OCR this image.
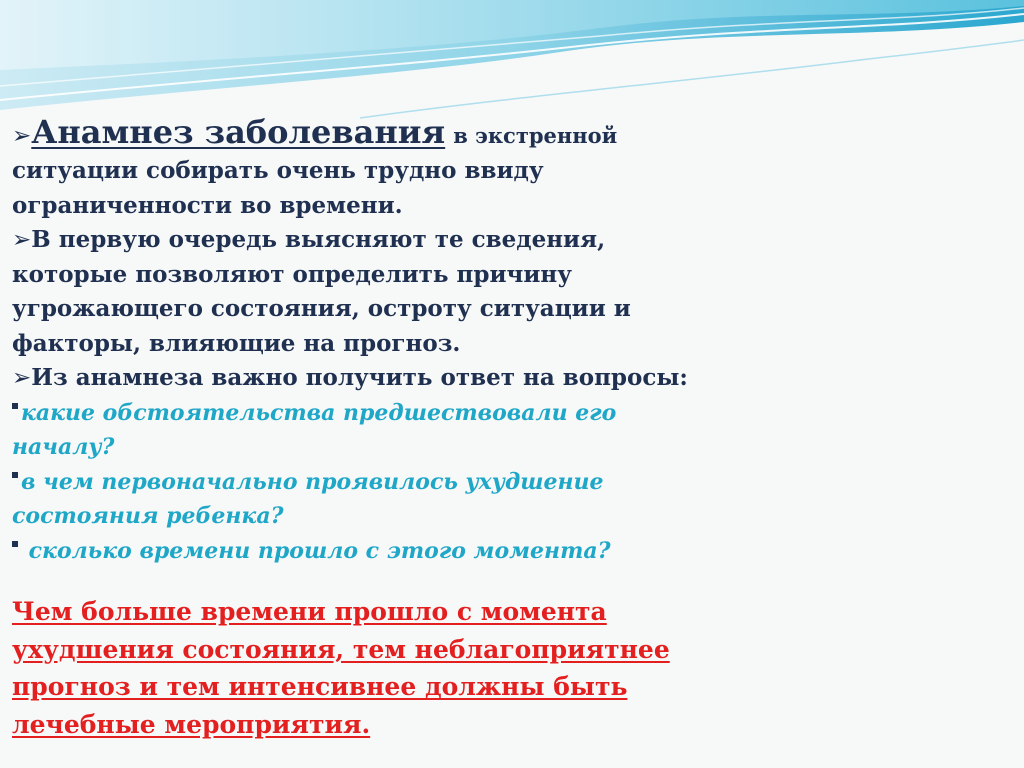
➢Анамнез заболевания в экстренной

ситуации собирать очень трудно ввиду

ограниченности во времени.

➢В первую очередь выясняют те сведения,

которые позволяют определить причину

угрожающего состояния, остроту ситуации и

факторы, влияющие на прогноз.

➢Из анамнеза важно получить ответ на вопросы:

какие обстоятельства предшествовали его

началу?

в чем первоначально проявилось ухудшение

состояния ребенка?

сколько времени прошло с этого момента?

Чем больше времени прошло с момента

ухудшения состояния, тем неблагоприятнее

прогноз и тем интенсивнее должны быть

лечебные мероприятия.
